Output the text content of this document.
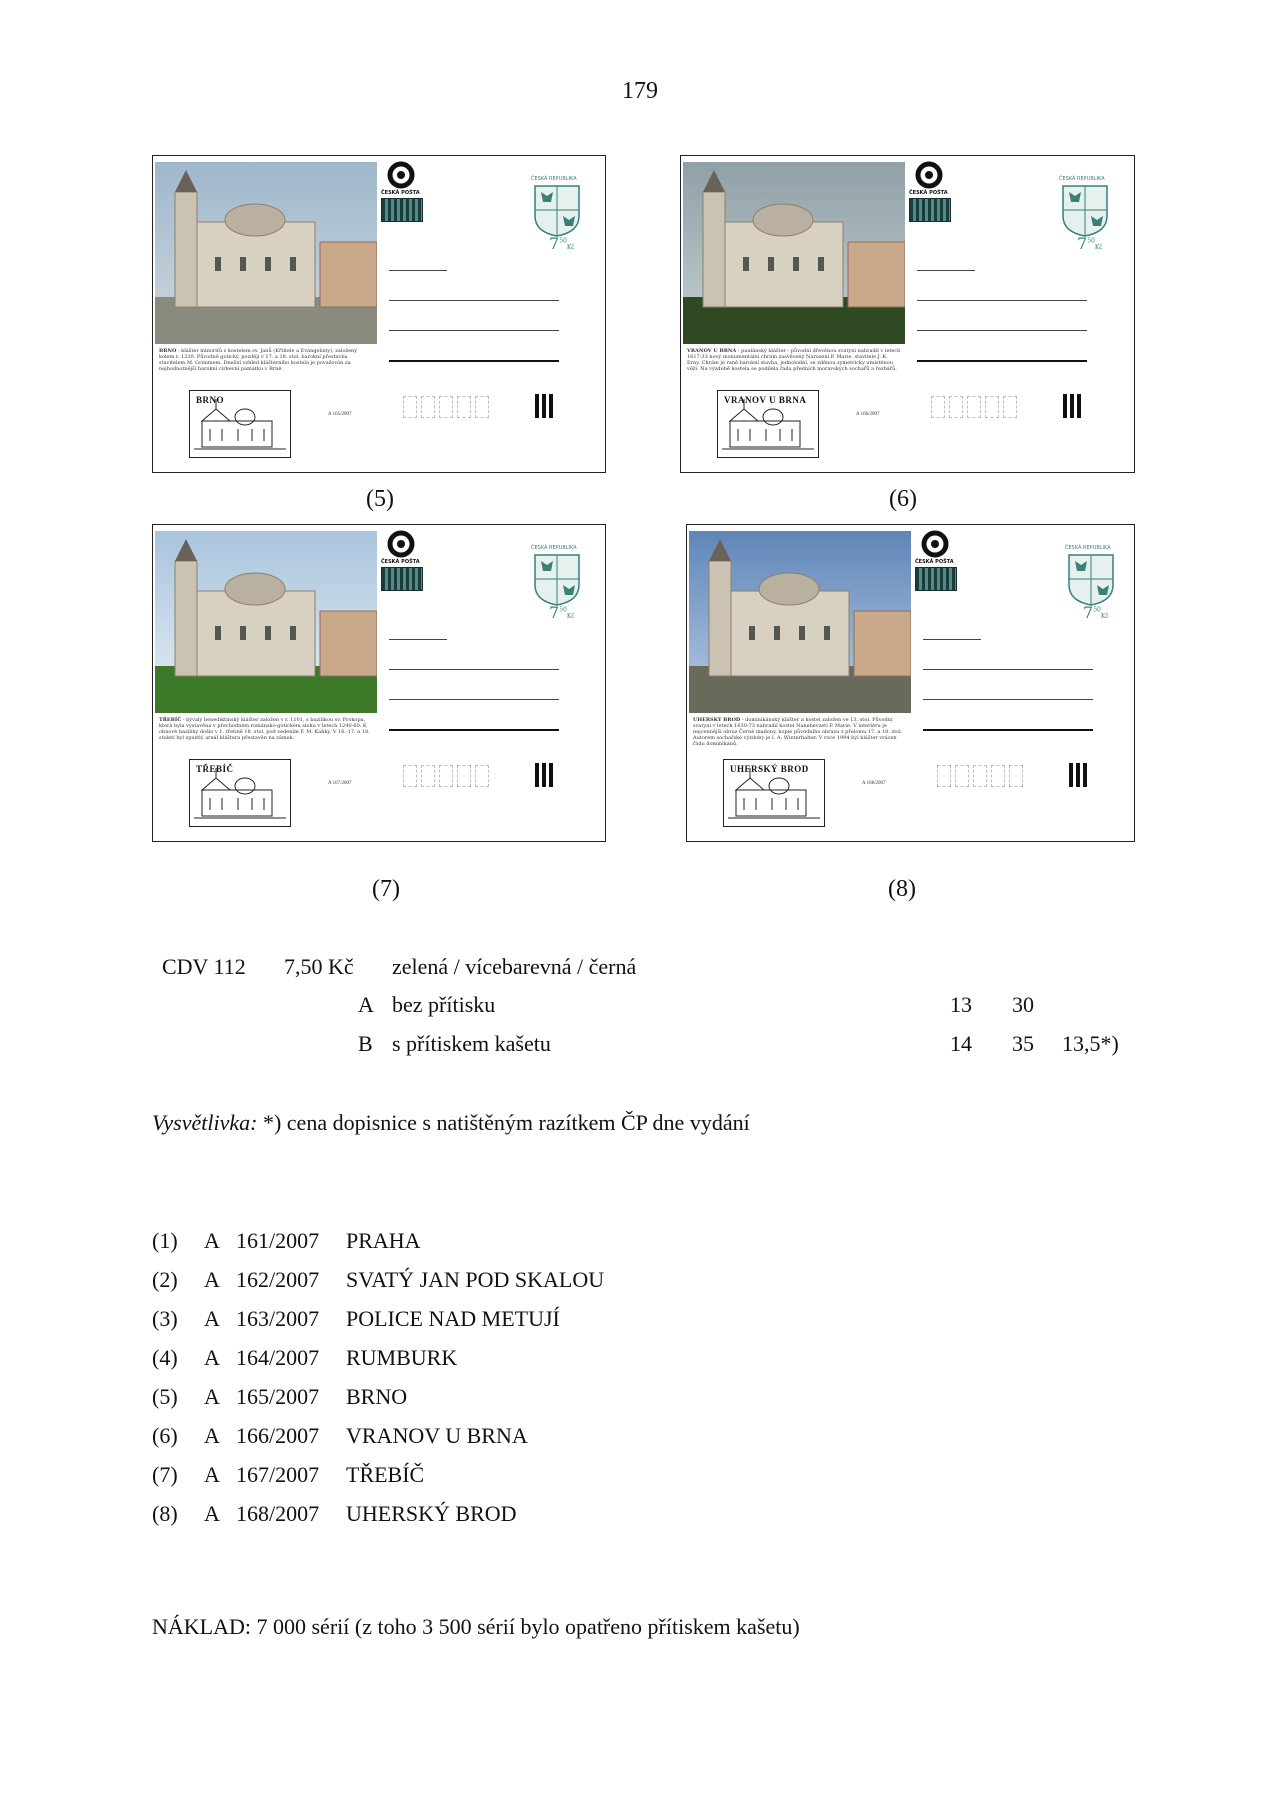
179
BRNO - klášter minoritů s kostelem sv. Janů (Křtitele a Evangelisty), založený kolem r. 1230. Původně gotický, později v 17. a 18. stol. barokní přestavba stavitelem M. Grimmem. Dnešní vzhled klášterního kostela je považován za nejhodnotnější barokní církevní památku v Brně.
BRNO
A 165/2007
ČESKÁ POŠTA
ČESKÁ REPUBLIKA
$7^{50}Kč$
VRANOV U BRNA - paulánský klášter - původní dřevěnou svatyni nahradil v letech 1617-33 nový monumentální chrám zasvěcený Narození P. Marie, stavitele J. K. Erny. Chrám je raně barokní stavba, jednolodní, se zděnou symetricky umístěnou věží. Na výzdobě kostela se podílela řada předních moravských sochařů a řezbářů.
VRANOV U BRNA
A 166/2007
ČESKÁ POŠTA
ČESKÁ REPUBLIKA
$7^{50}Kč$
TŘEBÍČ - bývalý benediktinský klášter založen v r. 1101, s bazilikou sv. Prokopa, která byla vystavěna v přechodném románsko-gotickém slohu v letech 1240-60. K obnově baziliky došlo v 1. třetině 18. stol. pod vedením F. M. Kaňky. V 16.-17. a 18. století byl zpustlý areál kláštera přestavěn na zámek.
TŘEBÍČ
A 167/2007
ČESKÁ POŠTA
ČESKÁ REPUBLIKA
$7^{50}Kč$
UHERSKÝ BROD - dominikánský klášter a kostel založen ve 13. stol. Původní svatyni v letech 1630-73 nahradil kostel Nanebevzetí P. Marie. V interiéru je nejcennější obraz Černé madony, kopie původního obrazu z přelomu 17. a 18. stol. Autorem sochařské výzdoby je I. A. Winterhalter. V roce 1994 byl klášter vrácen řádu dominikánů.
UHERSKÝ BROD
A 168/2007
ČESKÁ POŠTA
ČESKÁ REPUBLIKA
$7^{50}Kč$
(5)	(6)
(7)	(8)
CDV 112 7,50 Kč zelená / vícebarevná / černá
A bez přítisku	13 30
B s přítiskem kašetu	14 35 13,5*)
Vysvětlivka: *) cena dopisnice s natištěným razítkem ČP dne vydání
(1) A 161/2007 PRAHA
(2) A 162/2007 SVATÝ JAN POD SKALOU
(3) A 163/2007 POLICE NAD METUJÍ
(4) A 164/2007 RUMBURK
(5) A 165/2007 BRNO
(6) A 166/2007 VRANOV U BRNA
(7) A 167/2007 TŘEBÍČ
(8) A 168/2007 UHERSKÝ BROD
NÁKLAD: 7 000 sérií (z toho 3 500 sérií bylo opatřeno přítiskem kašetu)
